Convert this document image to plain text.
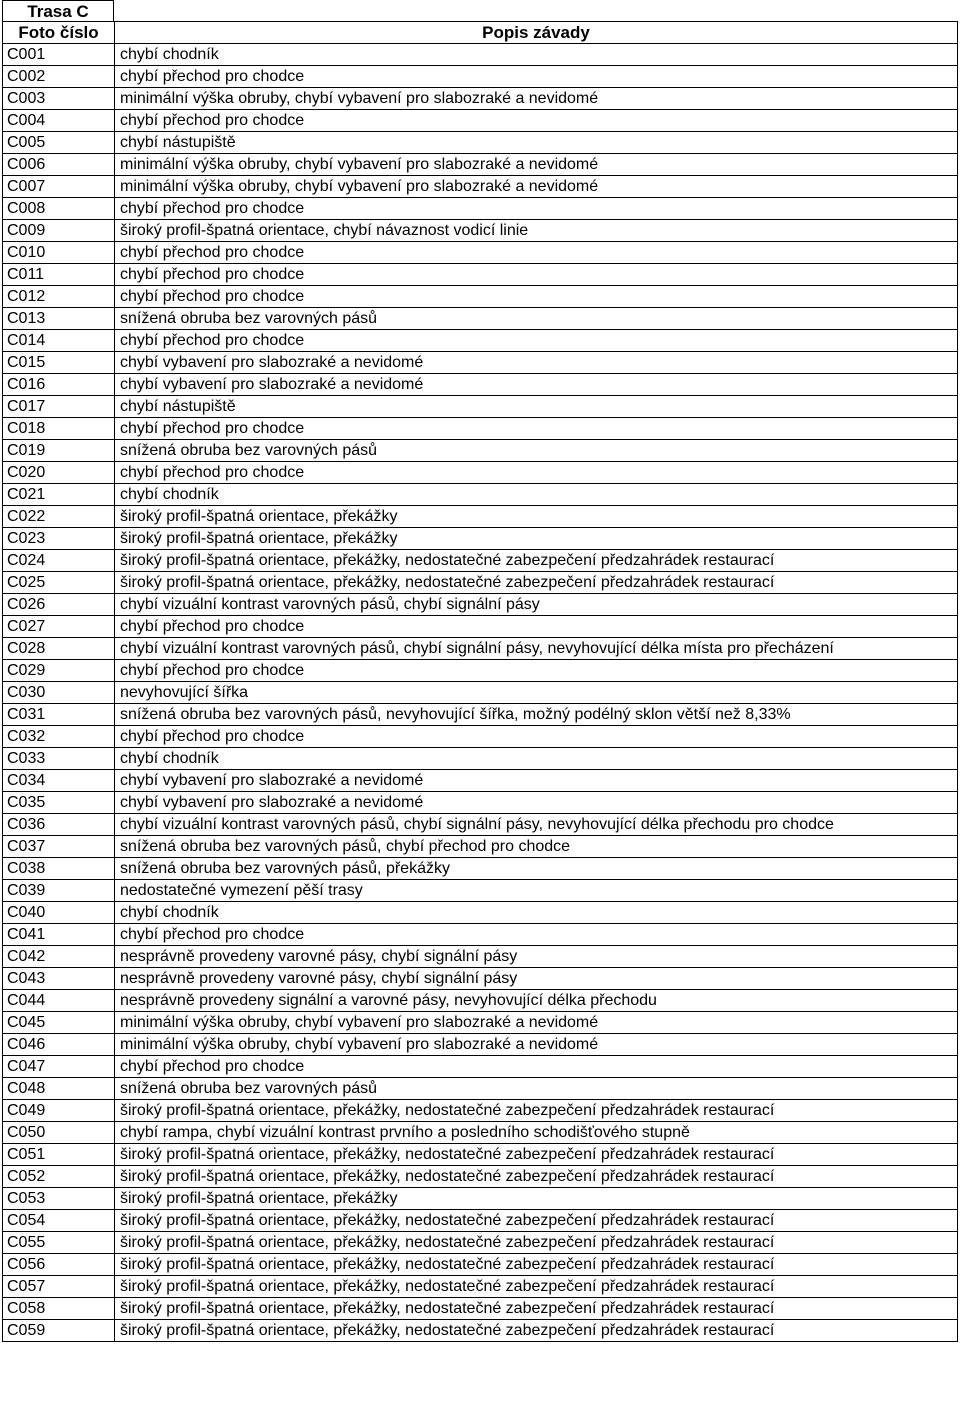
Trasa C
Foto číslo	Popis závady
C001	chybí chodník
C002	chybí přechod pro chodce
C003	minimální výška obruby, chybí vybavení pro slabozraké a nevidomé
C004	chybí přechod pro chodce
C005	chybí nástupiště
C006	minimální výška obruby, chybí vybavení pro slabozraké a nevidomé
C007	minimální výška obruby, chybí vybavení pro slabozraké a nevidomé
C008	chybí přechod pro chodce
C009	široký profil-špatná orientace, chybí návaznost vodicí linie
C010	chybí přechod pro chodce
C011	chybí přechod pro chodce
C012	chybí přechod pro chodce
C013	snížená obruba bez varovných pásů
C014	chybí přechod pro chodce
C015	chybí vybavení pro slabozraké a nevidomé
C016	chybí vybavení pro slabozraké a nevidomé
C017	chybí nástupiště
C018	chybí přechod pro chodce
C019	snížená obruba bez varovných pásů
C020	chybí přechod pro chodce
C021	chybí chodník
C022	široký profil-špatná orientace, překážky
C023	široký profil-špatná orientace, překážky
C024	široký profil-špatná orientace, překážky, nedostatečné zabezpečení předzahrádek restaurací
C025	široký profil-špatná orientace, překážky, nedostatečné zabezpečení předzahrádek restaurací
C026	chybí vizuální kontrast varovných pásů, chybí signální pásy
C027	chybí přechod pro chodce
C028	chybí vizuální kontrast varovných pásů, chybí signální pásy, nevyhovující délka místa pro přecházení
C029	chybí přechod pro chodce
C030	nevyhovující šířka
C031	snížená obruba bez varovných pásů, nevyhovující šířka, možný podélný sklon větší než 8,33%
C032	chybí přechod pro chodce
C033	chybí chodník
C034	chybí vybavení pro slabozraké a nevidomé
C035	chybí vybavení pro slabozraké a nevidomé
C036	chybí vizuální kontrast varovných pásů, chybí signální pásy, nevyhovující délka přechodu pro chodce
C037	snížená obruba bez varovných pásů, chybí přechod pro chodce
C038	snížená obruba bez varovných pásů, překážky
C039	nedostatečné vymezení pěší trasy
C040	chybí chodník
C041	chybí přechod pro chodce
C042	nesprávně provedeny varovné pásy, chybí signální pásy
C043	nesprávně provedeny varovné pásy, chybí signální pásy
C044	nesprávně provedeny signální a varovné pásy, nevyhovující délka přechodu
C045	minimální výška obruby, chybí vybavení pro slabozraké a nevidomé
C046	minimální výška obruby, chybí vybavení pro slabozraké a nevidomé
C047	chybí přechod pro chodce
C048	snížená obruba bez varovných pásů
C049	široký profil-špatná orientace, překážky, nedostatečné zabezpečení předzahrádek restaurací
C050	chybí rampa, chybí vizuální kontrast prvního a posledního schodišťového stupně
C051	široký profil-špatná orientace, překážky, nedostatečné zabezpečení předzahrádek restaurací
C052	široký profil-špatná orientace, překážky, nedostatečné zabezpečení předzahrádek restaurací
C053	široký profil-špatná orientace, překážky
C054	široký profil-špatná orientace, překážky, nedostatečné zabezpečení předzahrádek restaurací
C055	široký profil-špatná orientace, překážky, nedostatečné zabezpečení předzahrádek restaurací
C056	široký profil-špatná orientace, překážky, nedostatečné zabezpečení předzahrádek restaurací
C057	široký profil-špatná orientace, překážky, nedostatečné zabezpečení předzahrádek restaurací
C058	široký profil-špatná orientace, překážky, nedostatečné zabezpečení předzahrádek restaurací
C059	široký profil-špatná orientace, překážky, nedostatečné zabezpečení předzahrádek restaurací
